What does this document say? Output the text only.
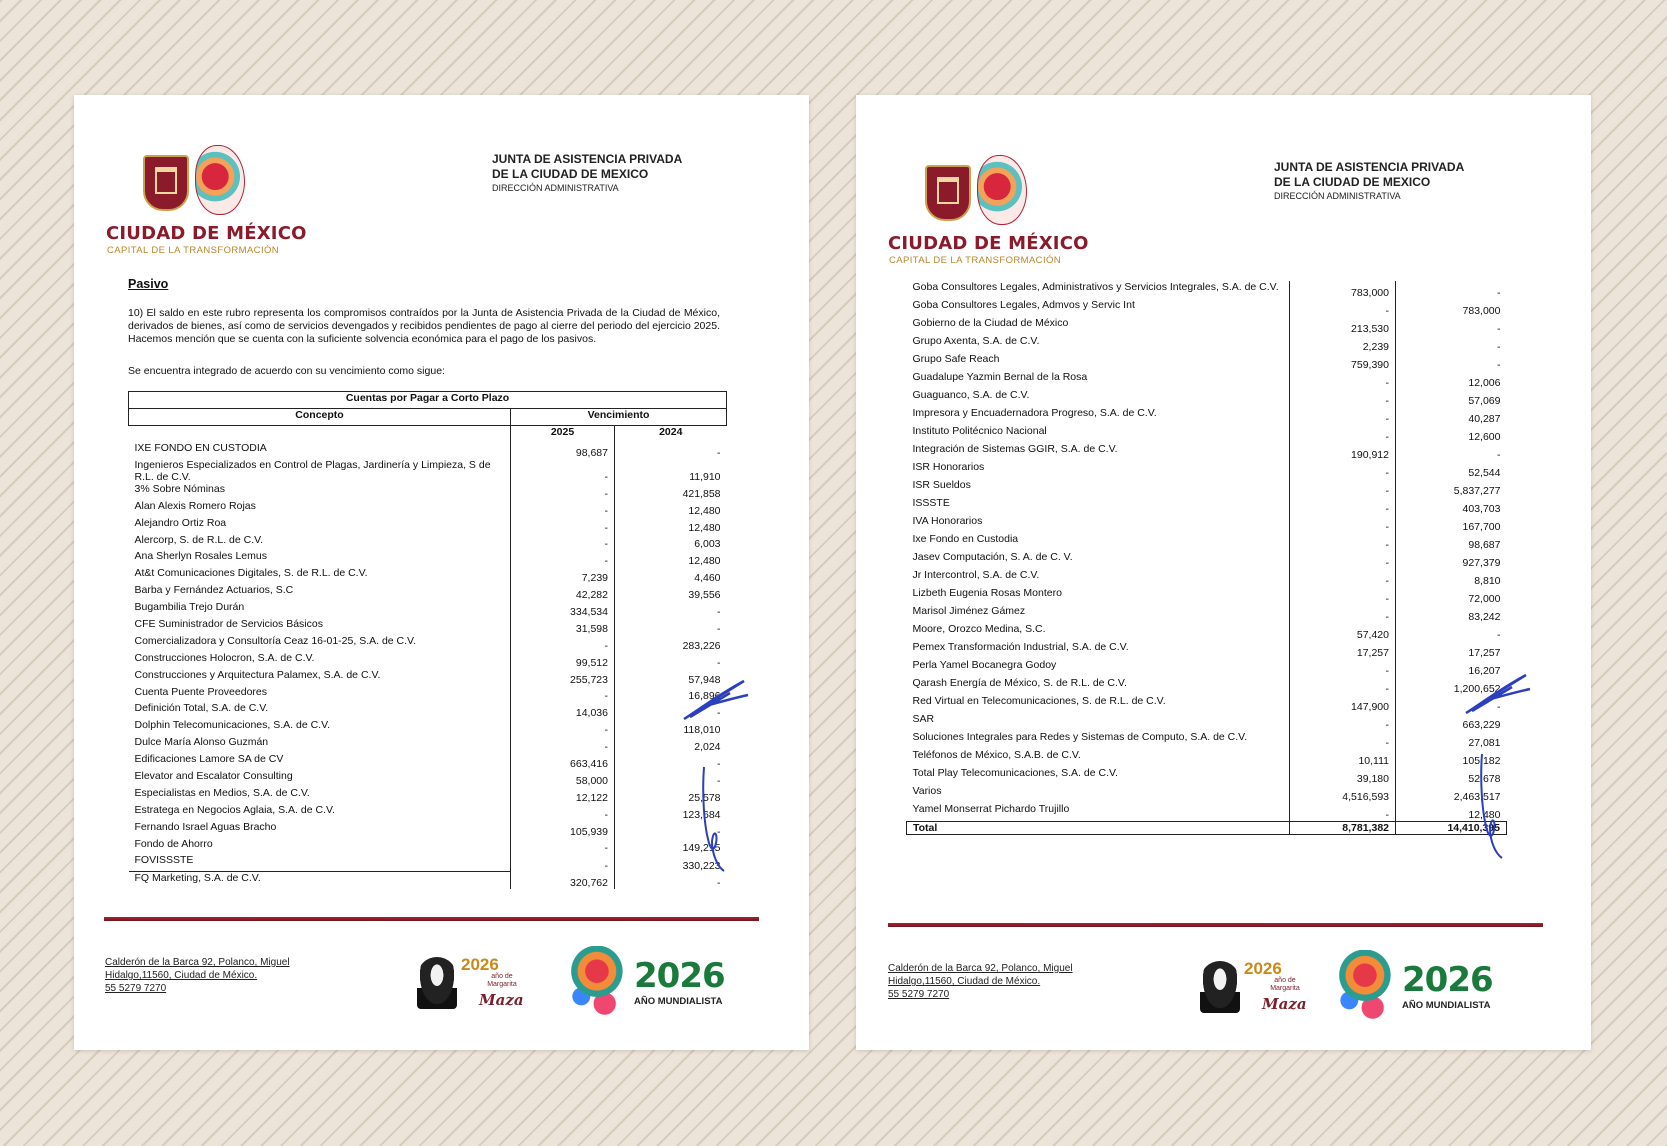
CIUDAD DE MÉXICO
CAPITAL DE LA TRANSFORMACIÓN
JUNTA DE ASISTENCIA PRIVADA
DE LA CIUDAD DE MEXICO
DIRECCIÓN ADMINISTRATIVA
Pasivo
10) El saldo en este rubro representa los compromisos contraídos por la Junta de Asistencia Privada de la Ciudad de México, derivados de bienes, así como de servicios devengados y recibidos pendientes de pago al cierre del periodo del ejercicio 2025. Hacemos mención que se cuenta con la suficiente solvencia económica para el pago de los pasivos.
Se encuentra integrado de acuerdo con su vencimiento como sigue:
Cuentas por Pagar a Corto Plazo		
Concepto	Vencimiento	
	2025	2024
IXE FONDO EN CUSTODIA	98,687	-
Ingenieros Especializados en Control de Plagas, Jardinería y Limpieza, S de R.L. de C.V.	-	11,910
3% Sobre Nóminas	-	421,858
Alan Alexis Romero Rojas	-	12,480
Alejandro Ortiz Roa	-	12,480
Alercorp, S. de R.L. de C.V.	-	6,003
Ana Sherlyn Rosales Lemus	-	12,480
At&t Comunicaciones Digitales, S. de R.L. de C.V.	7,239	4,460
Barba y Fernández Actuarios, S.C	42,282	39,556
Bugambilia Trejo Durán	334,534	-
CFE Suministrador de Servicios Básicos	31,598	-
Comercializadora y Consultoría Ceaz 16-01-25, S.A. de C.V.	-	283,226
Construcciones Holocron, S.A. de C.V.	99,512	-
Construcciones y Arquitectura Palamex, S.A. de C.V.	255,723	57,948
Cuenta Puente Proveedores	-	16,896
Definición Total, S.A. de C.V.	14,036	-
Dolphin Telecomunicaciones, S.A. de C.V.	-	118,010
Dulce María Alonso Guzmán	-	2,024
Edificaciones Lamore SA de CV	663,416	-
Elevator and Escalator Consulting	58,000	-
Especialistas en Medios, S.A. de C.V.	12,122	25,578
Estratega en Negocios Aglaia, S.A. de C.V.	-	123,684
Fernando Israel Aguas Bracho	105,939	-
Fondo de Ahorro	-	149,215
FOVISSSTE	-	330,223
FQ Marketing, S.A. de C.V.	320,762	-
Calderón de la Barca 92, Polanco, Miguel
Hidalgo,11560, Ciudad de México.
55 5279 7270
2026
año de Margarita
Maza
2026
AÑO MUNDIALISTA
CIUDAD DE MÉXICO
CAPITAL DE LA TRANSFORMACIÓN
JUNTA DE ASISTENCIA PRIVADA
DE LA CIUDAD DE MEXICO
DIRECCIÓN ADMINISTRATIVA
Goba Consultores Legales, Administrativos y Servicios Integrales, S.A. de C.V.	783,000	-
Goba Consultores Legales, Admvos y Servic Int	-	783,000
Gobierno de la Ciudad de México	213,530	-
Grupo Axenta, S.A. de C.V.	2,239	-
Grupo Safe Reach	759,390	-
Guadalupe Yazmin Bernal de la Rosa	-	12,006
Guaguanco, S.A. de C.V.	-	57,069
Impresora y Encuadernadora Progreso, S.A. de C.V.	-	40,287
Instituto Politécnico Nacional	-	12,600
Integración de Sistemas GGIR, S.A. de C.V.	190,912	-
ISR Honorarios	-	52,544
ISR Sueldos	-	5,837,277
ISSSTE	-	403,703
IVA Honorarios	-	167,700
Ixe Fondo en Custodia	-	98,687
Jasev Computación, S. A. de C. V.	-	927,379
Jr Intercontrol, S.A. de C.V.	-	8,810
Lizbeth Eugenia Rosas Montero	-	72,000
Marisol Jiménez Gámez	-	83,242
Moore, Orozco Medina, S.C.	57,420	-
Pemex Transformación Industrial, S.A. de C.V.	17,257	17,257
Perla Yamel Bocanegra Godoy	-	16,207
Qarash Energía de México, S. de R.L. de C.V.	-	1,200,652
Red Virtual en Telecomunicaciones, S. de R.L. de C.V.	147,900	-
SAR	-	663,229
Soluciones Integrales para Redes y Sistemas de Computo, S.A. de C.V.	-	27,081
Teléfonos de México, S.A.B. de C.V.	10,111	105,182
Total Play Telecomunicaciones, S.A. de C.V.	39,180	52,678
Varios	4,516,593	2,463,517
Yamel Monserrat Pichardo Trujillo	-	12,480
Total	8,781,382	14,410,395
Calderón de la Barca 92, Polanco, Miguel
Hidalgo,11560, Ciudad de México.
55 5279 7270
2026
año de Margarita
Maza
2026
AÑO MUNDIALISTA
